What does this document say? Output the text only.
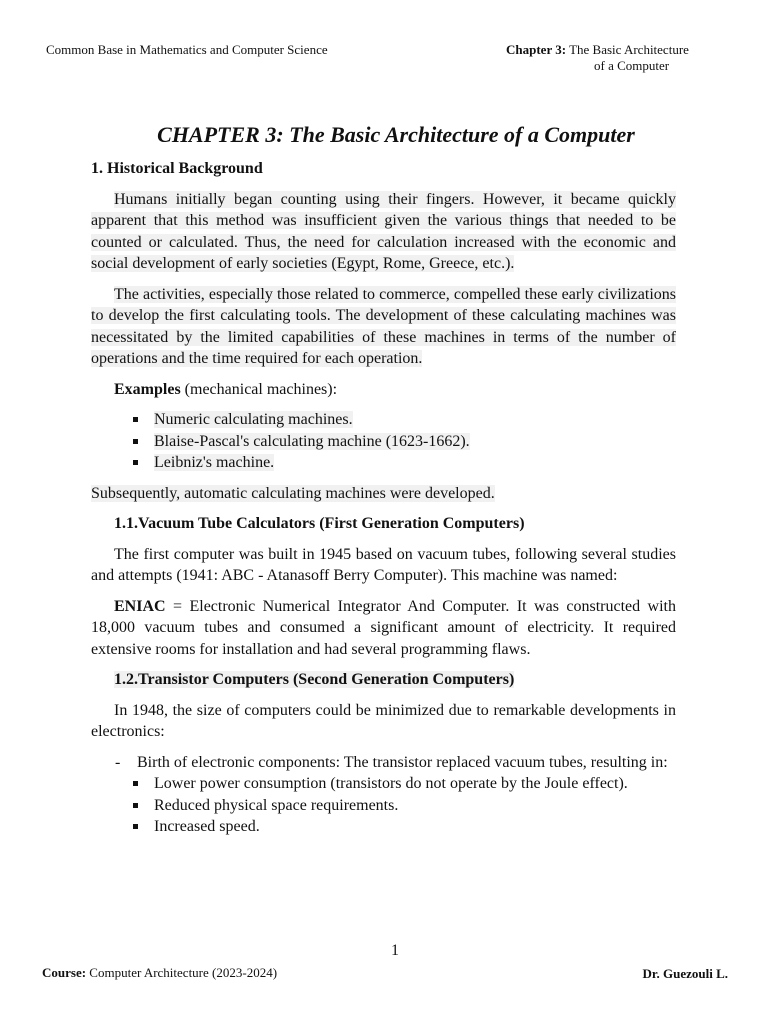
Common Base in Mathematics and Computer Science	Chapter 3: The Basic Architecture
of a Computer
CHAPTER 3: The Basic Architecture of a Computer
1. Historical Background

Humans initially began counting using their fingers. However, it became quickly apparent that this method was insufficient given the various things that needed to be counted or calculated. Thus, the need for calculation increased with the economic and social development of early societies (Egypt, Rome, Greece, etc.).

The activities, especially those related to commerce, compelled these early civilizations to develop the first calculating tools. The development of these calculating machines was necessitated by the limited capabilities of these machines in terms of the number of operations and the time required for each operation.

Examples (mechanical machines):

Numeric calculating machines.
Blaise-Pascal's calculating machine (1623-1662).
Leibniz's machine.

Subsequently, automatic calculating machines were developed.

1.1.Vacuum Tube Calculators (First Generation Computers)

The first computer was built in 1945 based on vacuum tubes, following several studies and attempts (1941: ABC - Atanasoff Berry Computer). This machine was named:

ENIAC = Electronic Numerical Integrator And Computer. It was constructed with 18,000 vacuum tubes and consumed a significant amount of electricity. It required extensive rooms for installation and had several programming flaws.

1.2.Transistor Computers (Second Generation Computers)

In 1948, the size of computers could be minimized due to remarkable developments in electronics:

- Birth of electronic components: The transistor replaced vacuum tubes, resulting in:
Lower power consumption (transistors do not operate by the Joule effect).
Reduced physical space requirements.
Increased speed.
1
Course: Computer Architecture (2023-2024)	Dr. Guezouli L.
